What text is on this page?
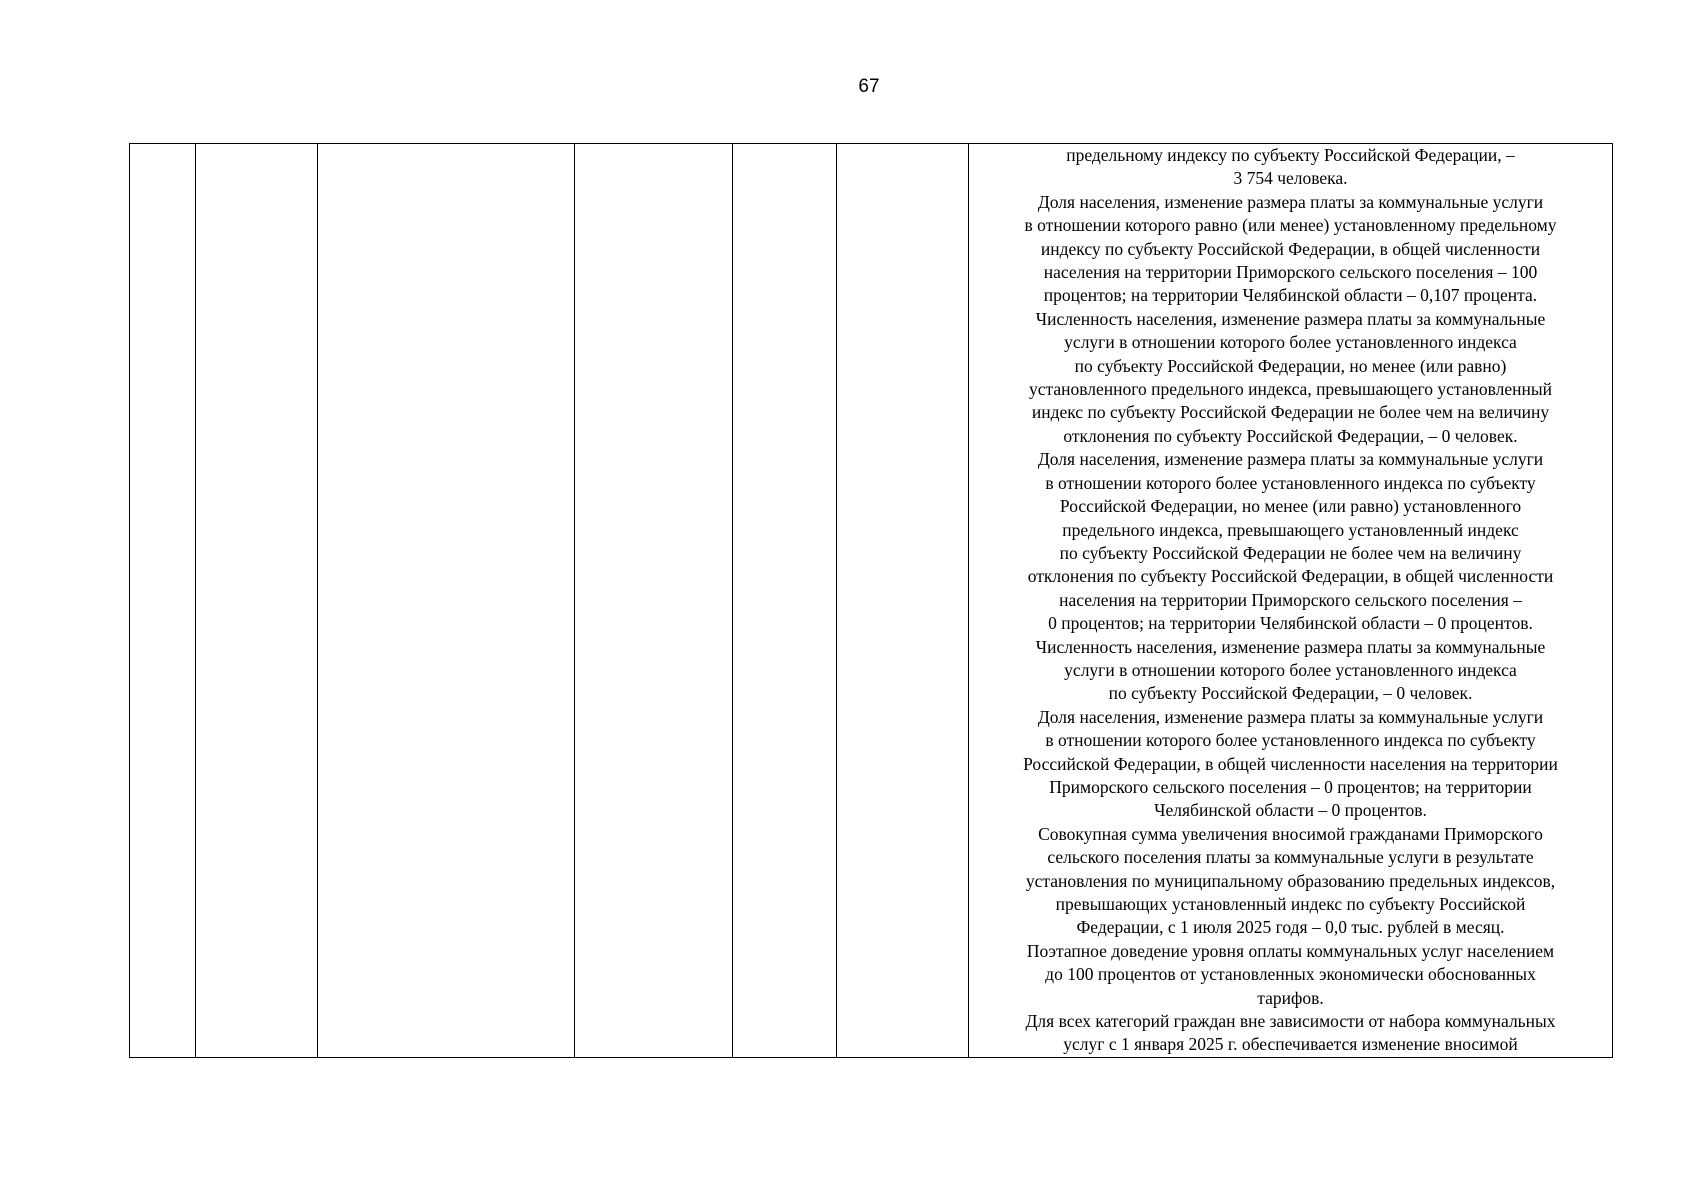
67

предельному индексу по субъекту Российской Федерации, –
3 754 человека.
Доля населения, изменение размера платы за коммунальные услуги
в отношении которого равно (или менее) установленному предельному
индексу по субъекту Российской Федерации, в общей численности
населения на территории Приморского сельского поселения – 100
процентов; на территории Челябинской области – 0,107 процента.
Численность населения, изменение размера платы за коммунальные
услуги в отношении которого более установленного индекса
по субъекту Российской Федерации, но менее (или равно)
установленного предельного индекса, превышающего установленный
индекс по субъекту Российской Федерации не более чем на величину
отклонения по субъекту Российской Федерации, – 0 человек.
Доля населения, изменение размера платы за коммунальные услуги
в отношении которого более установленного индекса по субъекту
Российской Федерации, но менее (или равно) установленного
предельного индекса, превышающего установленный индекс
по субъекту Российской Федерации не более чем на величину
отклонения по субъекту Российской Федерации, в общей численности
населения на территории Приморского сельского поселения –
0 процентов; на территории Челябинской области – 0 процентов.
Численность населения, изменение размера платы за коммунальные
услуги в отношении которого более установленного индекса
по субъекту Российской Федерации, – 0 человек.
Доля населения, изменение размера платы за коммунальные услуги
в отношении которого более установленного индекса по субъекту
Российской Федерации, в общей численности населения на территории
Приморского сельского поселения – 0 процентов; на территории
Челябинской области – 0 процентов.
Совокупная сумма увеличения вносимой гражданами Приморского
сельского поселения платы за коммунальные услуги в результате
установления по муниципальному образованию предельных индексов,
превышающих установленный индекс по субъекту Российской
Федерации, с 1 июля 2025 годя – 0,0 тыс. рублей в месяц.
Поэтапное доведение уровня оплаты коммунальных услуг населением
до 100 процентов от установленных экономически обоснованных
тарифов.
Для всех категорий граждан вне зависимости от набора коммунальных
услуг с 1 января 2025 г. обеспечивается изменение вносимой
